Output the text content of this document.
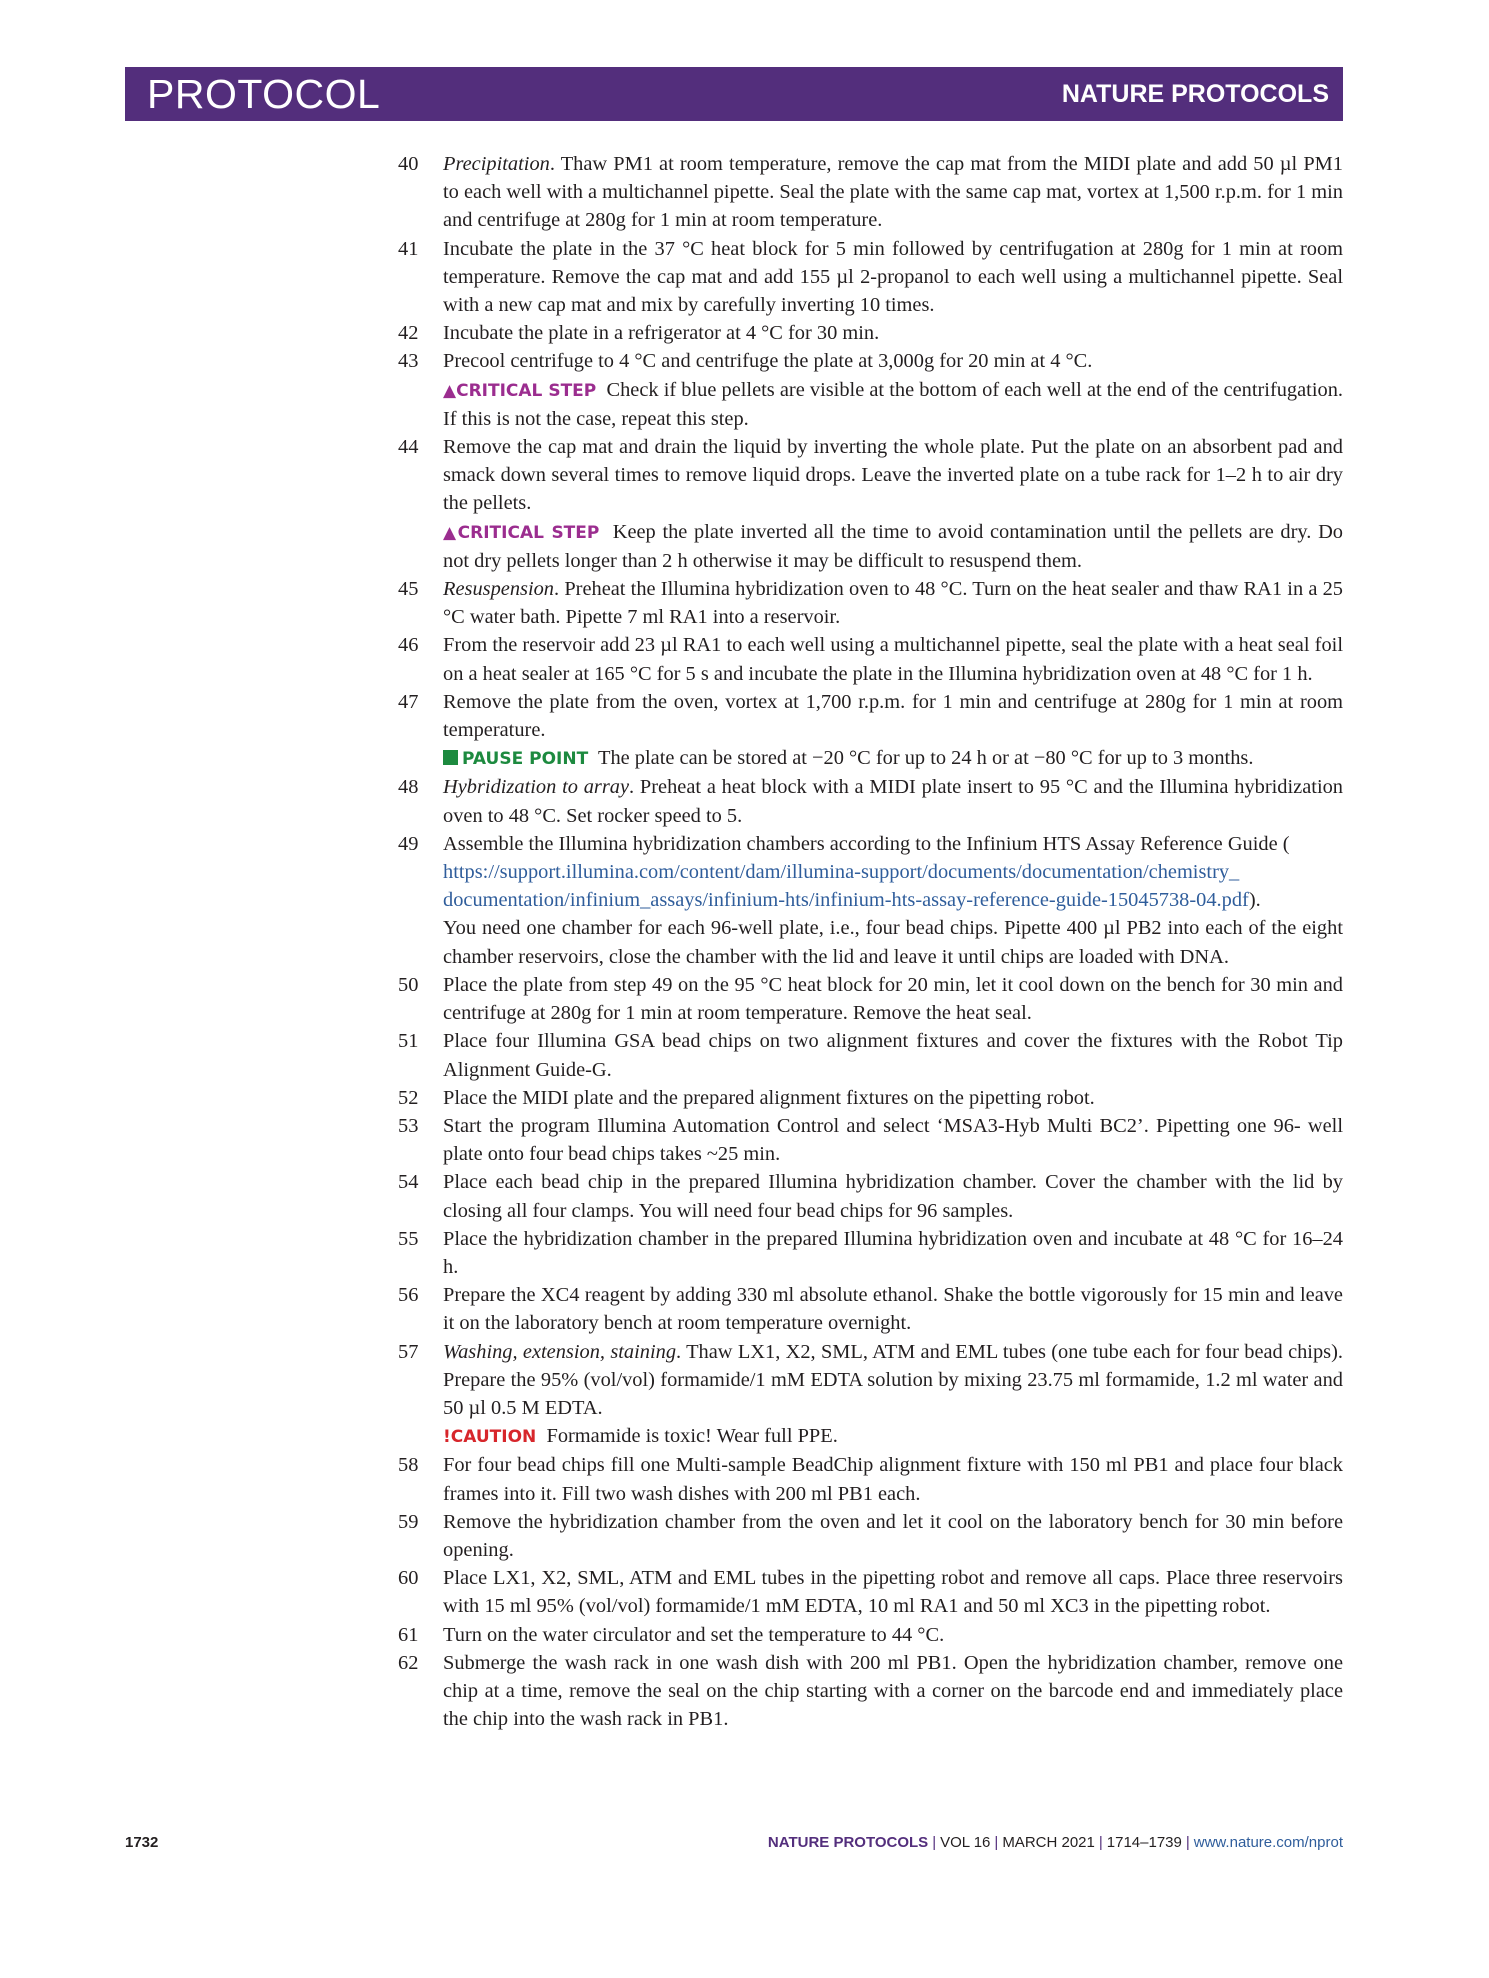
PROTOCOL	NATURE PROTOCOLS
40	Precipitation. Thaw PM1 at room temperature, remove the cap mat from the MIDI plate and add 50 µl PM1 to each well with a multichannel pipette. Seal the plate with the same cap mat, vortex at 1,500 r.p.m. for 1 min and centrifuge at 280g for 1 min at room temperature.
41	Incubate the plate in the 37 °C heat block for 5 min followed by centrifugation at 280g for 1 min at room temperature. Remove the cap mat and add 155 µl 2-propanol to each well using a multichannel pipette. Seal with a new cap mat and mix by carefully inverting 10 times.
42	Incubate the plate in a refrigerator at 4 °C for 30 min.
43	Precool centrifuge to 4 °C and centrifuge the plate at 3,000g for 20 min at 4 °C.
▲CRITICAL STEP Check if blue pellets are visible at the bottom of each well at the end of the centrifugation. If this is not the case, repeat this step.
44	Remove the cap mat and drain the liquid by inverting the whole plate. Put the plate on an absorbent pad and smack down several times to remove liquid drops. Leave the inverted plate on a tube rack for 1–2 h to air dry the pellets.
▲CRITICAL STEP Keep the plate inverted all the time to avoid contamination until the pellets are dry. Do not dry pellets longer than 2 h otherwise it may be difficult to resuspend them.
45	Resuspension. Preheat the Illumina hybridization oven to 48 °C. Turn on the heat sealer and thaw RA1 in a 25 °C water bath. Pipette 7 ml RA1 into a reservoir.
46	From the reservoir add 23 µl RA1 to each well using a multichannel pipette, seal the plate with a heat seal foil on a heat sealer at 165 °C for 5 s and incubate the plate in the Illumina hybridization oven at 48 °C for 1 h.
47	Remove the plate from the oven, vortex at 1,700 r.p.m. for 1 min and centrifuge at 280g for 1 min at room temperature.
PAUSE POINT The plate can be stored at −20 °C for up to 24 h or at −80 °C for up to 3 months.
48	Hybridization to array. Preheat a heat block with a MIDI plate insert to 95 °C and the Illumina hybridization oven to 48 °C. Set rocker speed to 5.
49	Assemble the Illumina hybridization chambers according to the Infinium HTS Assay Reference Guide (
https://support.illumina.com/content/dam/illumina-support/documents/documentation/chemistry_
documentation/infinium_assays/infinium-hts/infinium-hts-assay-reference-guide-15045738-04.pdf).
You need one chamber for each 96-well plate, i.e., four bead chips. Pipette 400 µl PB2 into each of the eight chamber reservoirs, close the chamber with the lid and leave it until chips are loaded with DNA.
50	Place the plate from step 49 on the 95 °C heat block for 20 min, let it cool down on the bench for 30 min and centrifuge at 280g for 1 min at room temperature. Remove the heat seal.
51	Place four Illumina GSA bead chips on two alignment fixtures and cover the fixtures with the Robot Tip Alignment Guide-G.
52	Place the MIDI plate and the prepared alignment fixtures on the pipetting robot.
53	Start the program Illumina Automation Control and select ‘MSA3-Hyb Multi BC2’. Pipetting one 96- well plate onto four bead chips takes ~25 min.
54	Place each bead chip in the prepared Illumina hybridization chamber. Cover the chamber with the lid by closing all four clamps. You will need four bead chips for 96 samples.
55	Place the hybridization chamber in the prepared Illumina hybridization oven and incubate at 48 °C for 16–24 h.
56	Prepare the XC4 reagent by adding 330 ml absolute ethanol. Shake the bottle vigorously for 15 min and leave it on the laboratory bench at room temperature overnight.
57	Washing, extension, staining. Thaw LX1, X2, SML, ATM and EML tubes (one tube each for four bead chips). Prepare the 95% (vol/vol) formamide/1 mM EDTA solution by mixing 23.75 ml formamide, 1.2 ml water and 50 µl 0.5 M EDTA.
!CAUTION Formamide is toxic! Wear full PPE.
58	For four bead chips fill one Multi-sample BeadChip alignment fixture with 150 ml PB1 and place four black frames into it. Fill two wash dishes with 200 ml PB1 each.
59	Remove the hybridization chamber from the oven and let it cool on the laboratory bench for 30 min before opening.
60	Place LX1, X2, SML, ATM and EML tubes in the pipetting robot and remove all caps. Place three reservoirs with 15 ml 95% (vol/vol) formamide/1 mM EDTA, 10 ml RA1 and 50 ml XC3 in the pipetting robot.
61	Turn on the water circulator and set the temperature to 44 °C.
62	Submerge the wash rack in one wash dish with 200 ml PB1. Open the hybridization chamber, remove one chip at a time, remove the seal on the chip starting with a corner on the barcode end and immediately place the chip into the wash rack in PB1.
1732	NATURE PROTOCOLS | VOL 16 | MARCH 2021 | 1714–1739 | www.nature.com/nprot
